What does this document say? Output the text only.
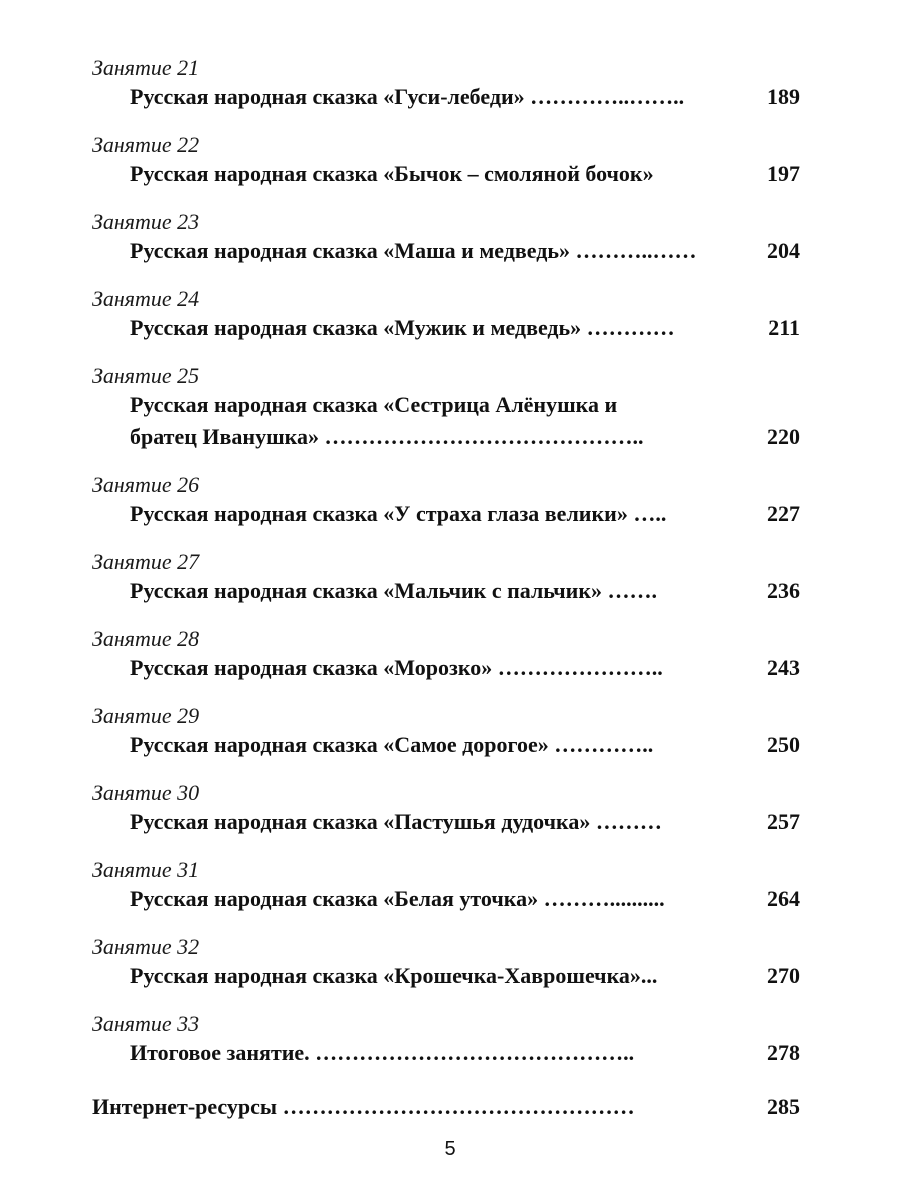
Занятие 21
Русская народная сказка «Гуси-лебеди» …………..……..	189
Занятие 22
Русская народная сказка «Бычок – смоляной бочок»	197
Занятие 23
Русская народная сказка «Маша и медведь» ………..……	204
Занятие 24
Русская народная сказка «Мужик и медведь» …………	211
Занятие 25
Русская народная сказка «Сестрица Алёнушка и
братец Иванушка» ……………………………………..	220
Занятие 26
Русская народная сказка «У страха глаза велики» …..	227
Занятие 27
Русская народная сказка «Мальчик с пальчик» …….	236
Занятие 28
Русская народная сказка «Морозко» …………………..	243
Занятие 29
Русская народная сказка «Самое дорогое» …………..	250
Занятие 30
Русская народная сказка «Пастушья дудочка» ………	257
Занятие 31
Русская народная сказка «Белая уточка» ………..........	264
Занятие 32
Русская народная сказка «Крошечка-Хаврошечка»...	270
Занятие 33
Итоговое занятие. ……………………………………..	278
Интернет-ресурсы …………………………………………	285
5
